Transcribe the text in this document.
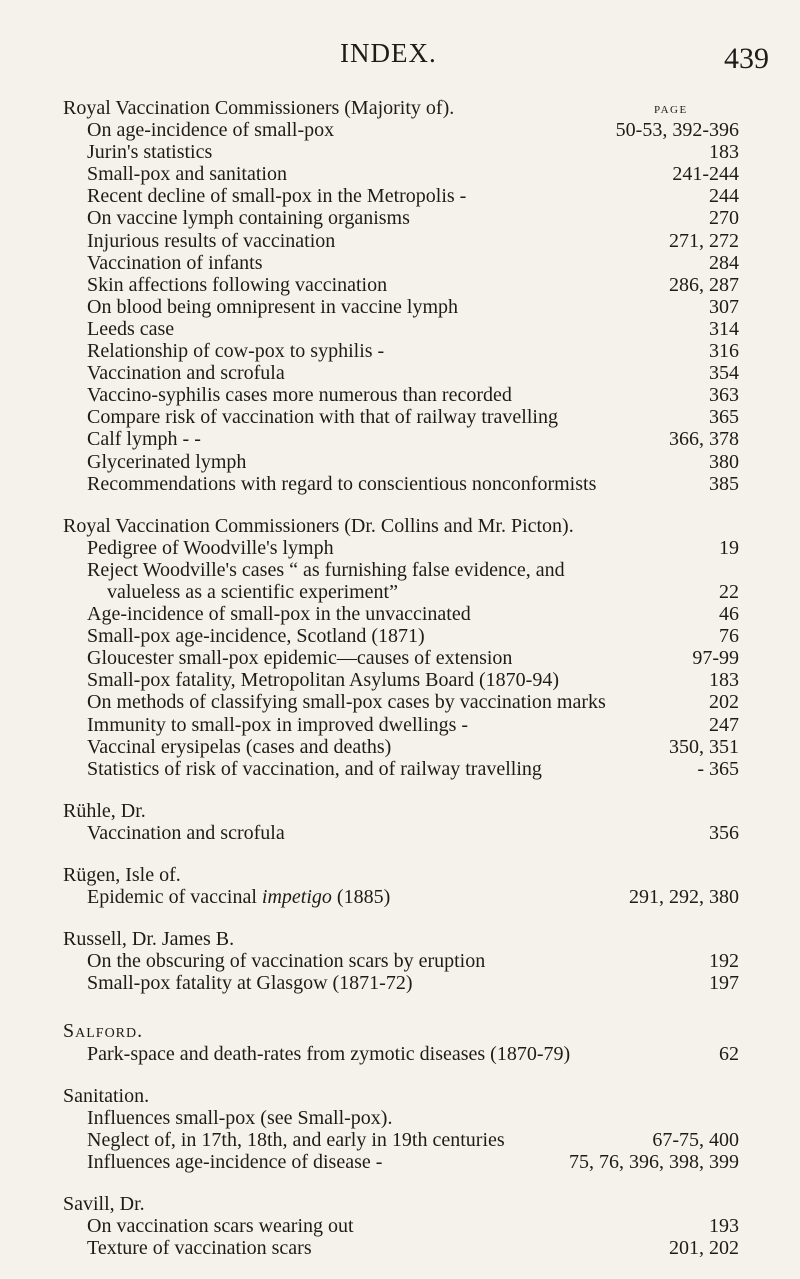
INDEX.	439
PAGE
Royal Vaccination Commissioners (Majority of).
On age-incidence of small-pox	50-53, 392-396
Jurin's statistics	183
Small-pox and sanitation	241-244
Recent decline of small-pox in the Metropolis -	244
On vaccine lymph containing organisms	270
Injurious results of vaccination	271, 272
Vaccination of infants	284
Skin affections following vaccination	286, 287
On blood being omnipresent in vaccine lymph	307
Leeds case	314
Relationship of cow-pox to syphilis -	316
Vaccination and scrofula	354
Vaccino-syphilis cases more numerous than recorded	363
Compare risk of vaccination with that of railway travelling	365
Calf lymph - -	366, 378
Glycerinated lymph	380
Recommendations with regard to conscientious nonconformists	385
Royal Vaccination Commissioners (Dr. Collins and Mr. Picton).
Pedigree of Woodville's lymph	19
Reject Woodville's cases “ as furnishing false evidence, and
valueless as a scientific experiment”	22
Age-incidence of small-pox in the unvaccinated	46
Small-pox age-incidence, Scotland (1871)	76
Gloucester small-pox epidemic—causes of extension	97-99
Small-pox fatality, Metropolitan Asylums Board (1870-94)	183
On methods of classifying small-pox cases by vaccination marks	202
Immunity to small-pox in improved dwellings -	247
Vaccinal erysipelas (cases and deaths)	350, 351
Statistics of risk of vaccination, and of railway travelling	- 365
Rühle, Dr.
Vaccination and scrofula	356
Rügen, Isle of.
Epidemic of vaccinal impetigo (1885)	291, 292, 380
Russell, Dr. James B.
On the obscuring of vaccination scars by eruption	192
Small-pox fatality at Glasgow (1871-72)	197
Salford.
Park-space and death-rates from zymotic diseases (1870-79)	62
Sanitation.
Influences small-pox (see Small-pox).
Neglect of, in 17th, 18th, and early in 19th centuries	67-75, 400
Influences age-incidence of disease -	75, 76, 396, 398, 399
Savill, Dr.
On vaccination scars wearing out	193
Texture of vaccination scars	201, 202
